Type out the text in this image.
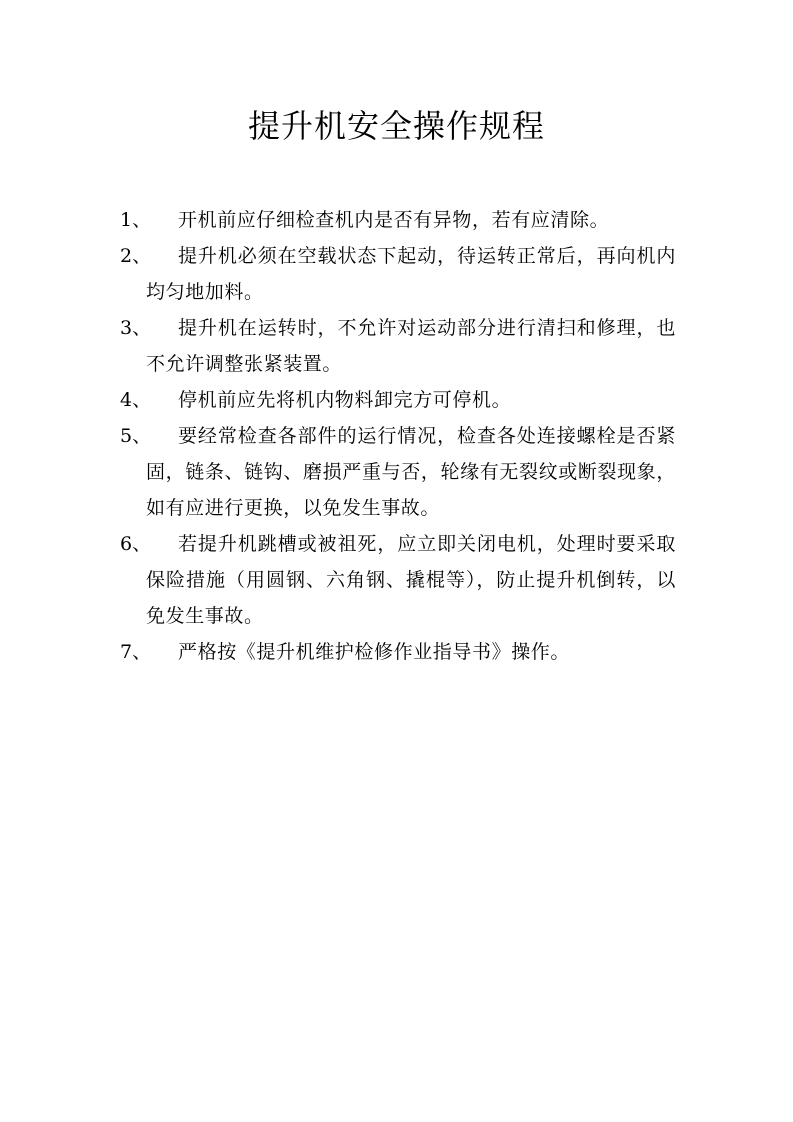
提升机安全操作规程
1、	开机前应仔细检查机内是否有异物，若有应清除。
2、	提升机必须在空载状态下起动，待运转正常后，再向机内均匀地加料。
3、	提升机在运转时，不允许对运动部分进行清扫和修理，也不允许调整张紧装置。
4、	停机前应先将机内物料卸完方可停机。
5、	要经常检查各部件的运行情况，检查各处连接螺栓是否紧固，链条、链钩、磨损严重与否，轮缘有无裂纹或断裂现象，如有应进行更换，以免发生事故。
6、	若提升机跳槽或被祖死，应立即关闭电机，处理时要采取保险措施（用圆钢、六角钢、撬棍等），防止提升机倒转，以免发生事故。
7、	严格按《提升机维护检修作业指导书》操作。
